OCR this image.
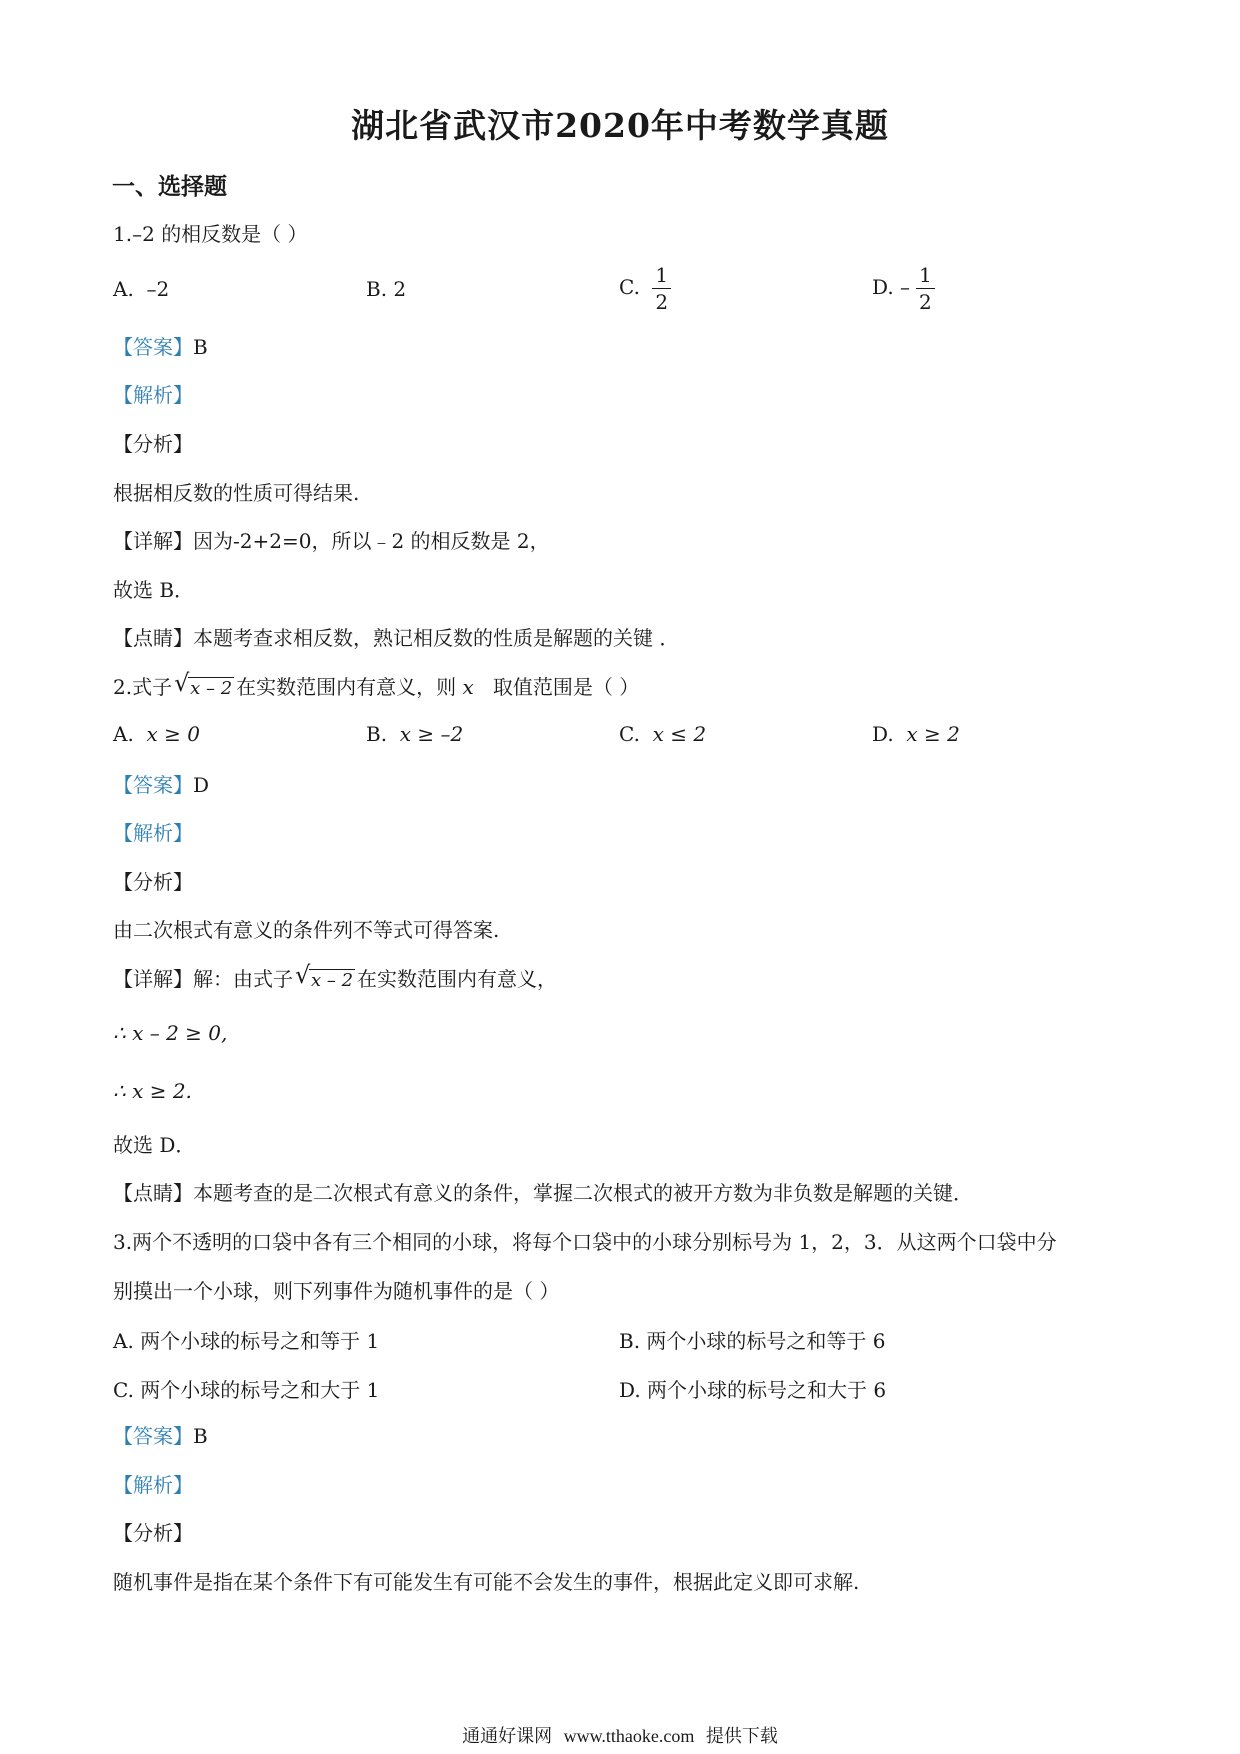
湖北省武汉市2020年中考数学真题
一、选择题
1.–2 的相反数是（ ）
A. –2	B. 2	C. $\frac{1}{2}$	D. – $\frac{1}{2}$
【答案】B
【解析】
【分析】
根据相反数的性质可得结果.
【详解】因为-2+2=0，所以﹣2 的相反数是 2，
故选 B．
【点睛】本题考查求相反数，熟记相反数的性质是解题的关键 ．
2.式子 √ x – 2 在实数范围内有意义，则 x 取值范围是（ ）
A. x ≥ 0	B. x ≥ –2	C. x ≤ 2	D. x ≥ 2
【答案】D
【解析】
【分析】
由二次根式有意义的条件列不等式可得答案.
【详解】解：由式子 √ x – 2 在实数范围内有意义，
∴ x – 2 ≥ 0,
∴ x ≥ 2.
故选 D．
【点睛】本题考查的是二次根式有意义的条件，掌握二次根式的被开方数为非负数是解题的关键．
3.两个不透明的口袋中各有三个相同的小球，将每个口袋中的小球分别标号为 1，2，3．从这两个口袋中分
别摸出一个小球，则下列事件为随机事件的是（ ）
A. 两个小球的标号之和等于 1	B. 两个小球的标号之和等于 6
C. 两个小球的标号之和大于 1	D. 两个小球的标号之和大于 6
【答案】B
【解析】
【分析】
随机事件是指在某个条件下有可能发生有可能不会发生的事件，根据此定义即可求解.
通通好课网 www.tthaoke.com 提供下载
